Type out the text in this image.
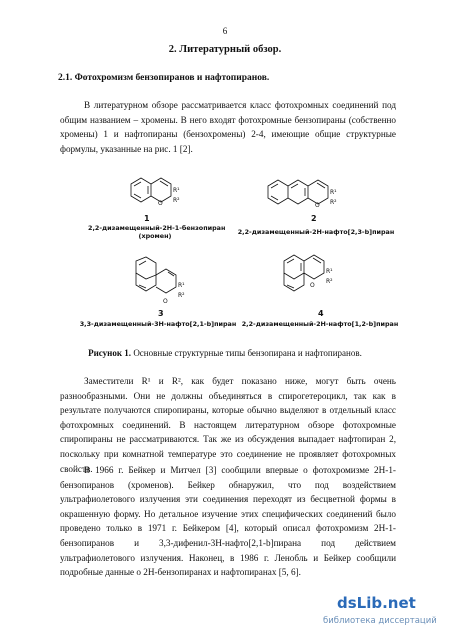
6
2. Литературный обзор.
2.1. Фотохромизм бензопиранов и нафтопиранов.
В литературном обзоре рассматривается класс фотохромных соединений под общим названием – хромены. В него входят фотохромные бензопираны (собственно хромены) 1 и нафтопираны (бензохромены) 2-4, имеющие общие структурные формулы, указанные на рис. 1 [2].
O
R¹
R²
1
2,2-дизамещенный-2Н-1-бензопиран
(хромен)
O
R¹
R²
2
2,2-дизамещенный-2Н-нафто[2,3-b]пиран
O
R¹
R²
3
3,3-дизамещенный-3Н-нафто[2,1-b]пиран
O
R¹
R²
4
2,2-дизамещенный-2Н-нафто[1,2-b]пиран
Рисунок 1. Основные структурные типы бензопирана и нафтопиранов.
Заместители R¹ и R², как будет показано ниже, могут быть очень разнообразными. Они не должны объединяться в спирогетероцикл, так как в результате получаются спиропираны, которые обычно выделяют в отдельный класс фотохромных соединений. В настоящем литературном обзоре фотохромные спиропираны не рассматриваются. Так же из обсуждения выпадает нафтопиран 2, поскольку при комнатной температуре это соединение не проявляет фотохромных свойств.
В 1966 г. Бейкер и Митчел [3] сообщили впервые о фотохромизме 2Н-1-бензопиранов (хроменов). Бейкер обнаружил, что под воздействием ультрафиолетового излучения эти соединения переходят из бесцветной формы в окрашенную форму. Но детальное изучение этих специфических соединений было проведено только в 1971 г. Бейкером [4], который описал фотохромизм 2Н-1-бензопиранов и 3,3-дифенил-3Н-нафто[2,1-b]пирана под действием ультрафиолетового излучения. Наконец, в 1986 г. Ленобль и Бейкер сообщили подробные данные о 2Н-бензопиранах и нафтопиранах [5, 6].
dsLib.net
библиотека диссертаций
